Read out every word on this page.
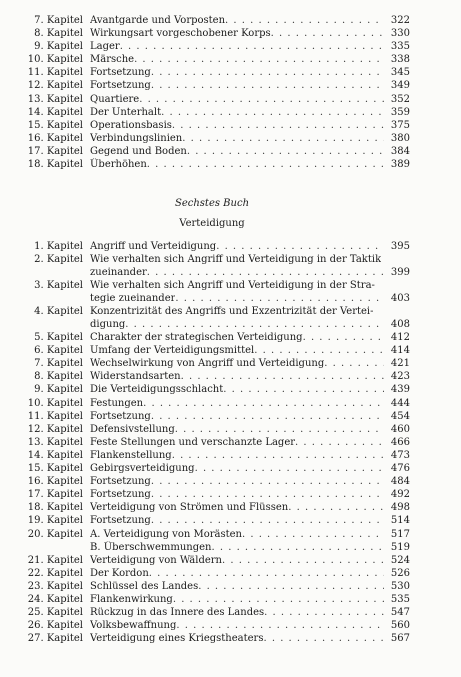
7. Kapitel Avantgarde und Vorposten . . .	322
8. Kapitel Wirkungsart vorgeschobener Korps . . .	330
9. Kapitel Lager . . .	335
10. Kapitel Märsche . . .	338
11. Kapitel Fortsetzung . . .	345
12. Kapitel Fortsetzung . . .	349
13. Kapitel Quartiere . . .	352
14. Kapitel Der Unterhalt . . .	359
15. Kapitel Operationsbasis . . .	375
16. Kapitel Verbindungslinien . . .	380
17. Kapitel Gegend und Boden . . .	384
18. Kapitel Überhöhen . . .	389
Sechstes Buch
Verteidigung
1. Kapitel Angriff und Verteidigung . . .	395
2. Kapitel Wie verhalten sich Angriff und Verteidigung in der Taktik
zueinander . . .	399
3. Kapitel Wie verhalten sich Angriff und Verteidigung in der Stra-
tegie zueinander . . .	403
4. Kapitel Konzentrizität des Angriffs und Exzentrizität der Vertei-
digung . . .	408
5. Kapitel Charakter der strategischen Verteidigung . . .	412
6. Kapitel Umfang der Verteidigungsmittel . . .	414
7. Kapitel Wechselwirkung von Angriff und Verteidigung . . .	421
8. Kapitel Widerstandsarten . . .	423
9. Kapitel Die Verteidigungsschlacht . . .	439
10. Kapitel Festungen . . .	444
11. Kapitel Fortsetzung . . .	454
12. Kapitel Defensivstellung . . .	460
13. Kapitel Feste Stellungen und verschanzte Lager . . .	466
14. Kapitel Flankenstellung . . .	473
15. Kapitel Gebirgsverteidigung . . .	476
16. Kapitel Fortsetzung . . .	484
17. Kapitel Fortsetzung . . .	492
18. Kapitel Verteidigung von Strömen und Flüssen . . .	498
19. Kapitel Fortsetzung . . .	514
20. Kapitel A. Verteidigung von Morästen . . .	517
B. Überschwemmungen . . .	519
21. Kapitel Verteidigung von Wäldern . . .	524
22. Kapitel Der Kordon . . .	526
23. Kapitel Schlüssel des Landes . . .	530
24. Kapitel Flankenwirkung . . .	535
25. Kapitel Rückzug in das Innere des Landes . . .	547
26. Kapitel Volksbewaffnung . . .	560
27. Kapitel Verteidigung eines Kriegstheaters . . .	567
